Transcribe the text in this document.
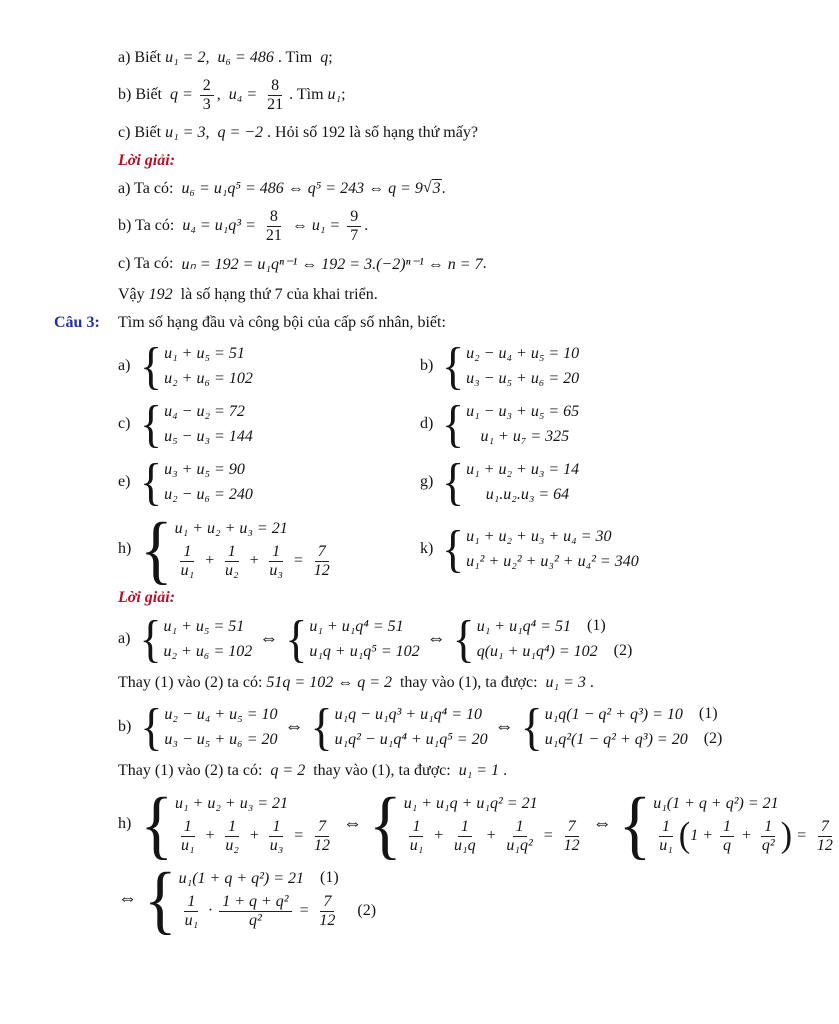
a) Biết u₁ = 2,  u₆ = 486 . Tìm q ;
b) Biết $q = \frac{2}{3}$ ,  $u_4 = \frac{8}{21}$ . Tìm u₁ ;
c) Biết u₁ = 3,  q = −2 . Hỏi số 192 là số hạng thứ mấy?
Lời giải:
a) Ta có: u₆ = u₁q⁵ = 486 ⇔ q⁵ = 243 ⇔ q = 9 √ 3 .
b) Ta có: $u_4 = u_1q^3 = \frac{8}{21}$ ⇔ $u_1 = \frac{9}{7}$ .
c) Ta có: uₙ = 192 = u₁qⁿ⁻¹ ⇔ 192 = 3.(−2)ⁿ⁻¹ ⇔ n = 7 .
Vậy 192 là số hạng thứ 7 của khai triển.
Câu 3:	Tìm số hạng đầu và công bội của cấp số nhân, biết:
a)
{ u₁ + u₅ = 51
u₂ + u₆ = 102
b)
{ u₂ − u₄ + u₅ = 10
u₃ − u₅ + u₆ = 20
c)
{ u₄ − u₂ = 72
u₅ − u₃ = 144
d)
{ u₁ − u₃ + u₅ = 65
u₁ + u₇ = 325
e)
{ u₃ + u₅ = 90
u₂ − u₆ = 240
g)
{ u₁ + u₂ + u₃ = 14
u₁.u₂.u₃ = 64
h)
{ u₁ + u₂ + u₃ = 21
$\frac{1}{\text{u₁}} + \frac{1}{\text{u₂}} + \frac{1}{\text{u₃}} = \frac{7}{12}$	k)
{ u₁ + u₂ + u₃ + u₄ = 30
u₁² + u₂² + u₃² + u₄² = 340
Lời giải:
a)
{ u₁ + u₅ = 51
u₂ + u₆ = 102
⇔
{ u₁ + u₁q⁴ = 51
u₁q + u₁q⁵ = 102
⇔
{ u₁ + u₁q⁴ = 51 (1)
q(u₁ + u₁q⁴) = 102 (2)
Thay (1) vào (2) ta có: 51q = 102 ⇔ q = 2 thay vào (1), ta được: u₁ = 3 .
b)
{ u₂ − u₄ + u₅ = 10
u₃ − u₅ + u₆ = 20
⇔
{ u₁q − u₁q³ + u₁q⁴ = 10
u₁q² − u₁q⁴ + u₁q⁵ = 20
⇔
{ u₁q(1 − q² + q³) = 10 (1)
u₁q²(1 − q² + q³) = 20 (2)
Thay (1) vào (2) ta có: q = 2 thay vào (1), ta được: u₁ = 1 .
h)
{ u₁ + u₂ + u₃ = 21
$\frac{1}{\text{u₁}} + \frac{1}{\text{u₂}} + \frac{1}{\text{u₃}} = \frac{7}{12}$ ⇔
{ u₁ + u₁q + u₁q² = 21
$\frac{1}{\text{u₁}} + \frac{1}{\text{u₁q}} + \frac{1}{\text{u₁q²}} = \frac{7}{12}$ ⇔
{ u₁(1 + q + q²) = 21
$\frac{1}{\text{u₁}}$ ( $1 + \frac{1}{q} + \frac{1}{\text{q²}}$ ) = $\frac{7}{12}$
⇔
{ u₁(1 + q + q²) = 21 (1)
$\frac{1}{\text{u₁}} \cdot \frac{\text{1 + q + q²}}{\text{q²}} = \frac{7}{12} (2)$
